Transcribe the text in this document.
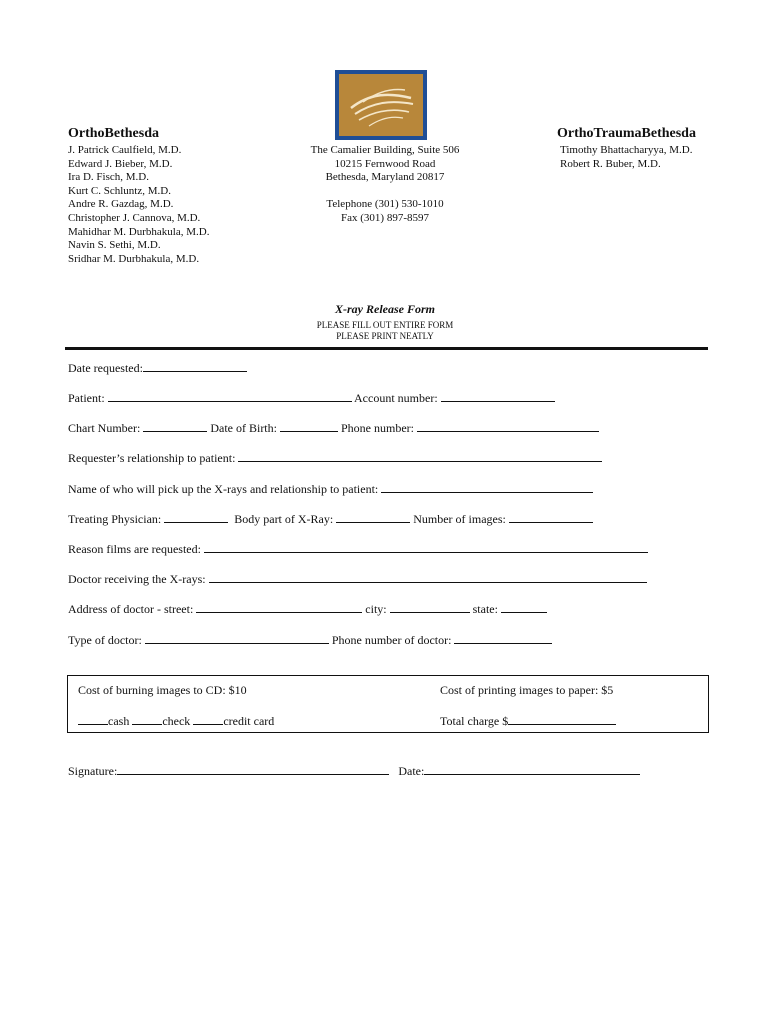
OrthoBethesda
J. Patrick Caulfield, M.D.
Edward J. Bieber, M.D.
Ira D. Fisch, M.D.
Kurt C. Schluntz, M.D.
Andre R. Gazdag, M.D.
Christopher J. Cannova, M.D.
Mahidhar M. Durbhakula, M.D.
Navin S. Sethi, M.D.
Sridhar M. Durbhakula, M.D.
The Camalier Building, Suite 506
10215 Fernwood Road
Bethesda, Maryland 20817
Telephone (301) 530-1010
Fax (301) 897-8597
OrthoTraumaBethesda
Timothy Bhattacharyya, M.D.
Robert R. Buber, M.D.
X-ray Release Form
PLEASE FILL OUT ENTIRE FORM
PLEASE PRINT NEATLY
Date requested:
Patient:	Account number:
Chart Number:	Date of Birth:	Phone number:
Requester’s relationship to patient:
Name of who will pick up the X-rays and relationship to patient:
Treating Physician:	Body part of X-Ray:	Number of images:
Reason films are requested:
Doctor receiving the X-rays:
Address of doctor - street:	city:	state:
Type of doctor:	Phone number of doctor:
Cost of burning images to CD: $10	Cost of printing images to paper: $5
cash	check	credit card	Total charge $
Signature:	Date:
